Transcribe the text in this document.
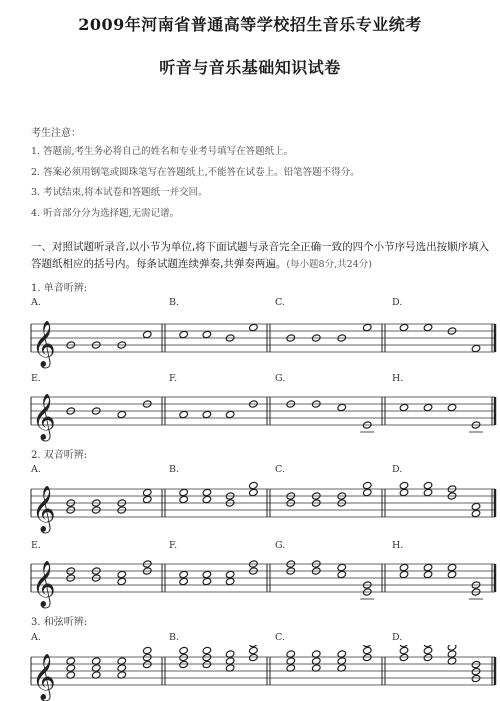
2009年河南省普通高等学校招生音乐专业统考
听音与音乐基础知识试卷
考生注意：
1. 答题前,考生务必将自己的姓名和专业考号填写在答题纸上。
2. 答案必须用钢笔或圆珠笔写在答题纸上,不能答在试卷上。铅笔答题不得分。
3. 考试结束,将本试卷和答题纸一并交回。
4. 听音部分分为选择题,无需记谱。
一、对照试题听录音,以小节为单位,将下面试题与录音完全正确一致的四个小节序号选出按顺序填入答题纸相应的括号内。每条试题连续弹奏,共弹奏两遍。(每小题8分,共24分)
1. 单音听辨:
A.	B.	C.	D.
𝄞
E.	F.	G.	H.
𝄞
2. 双音听辨:
A.	B.	C.	D.
𝄞
E.	F.	G.	H.
𝄞
3. 和弦听辨:
A.	B.	C.	D.
𝄞
